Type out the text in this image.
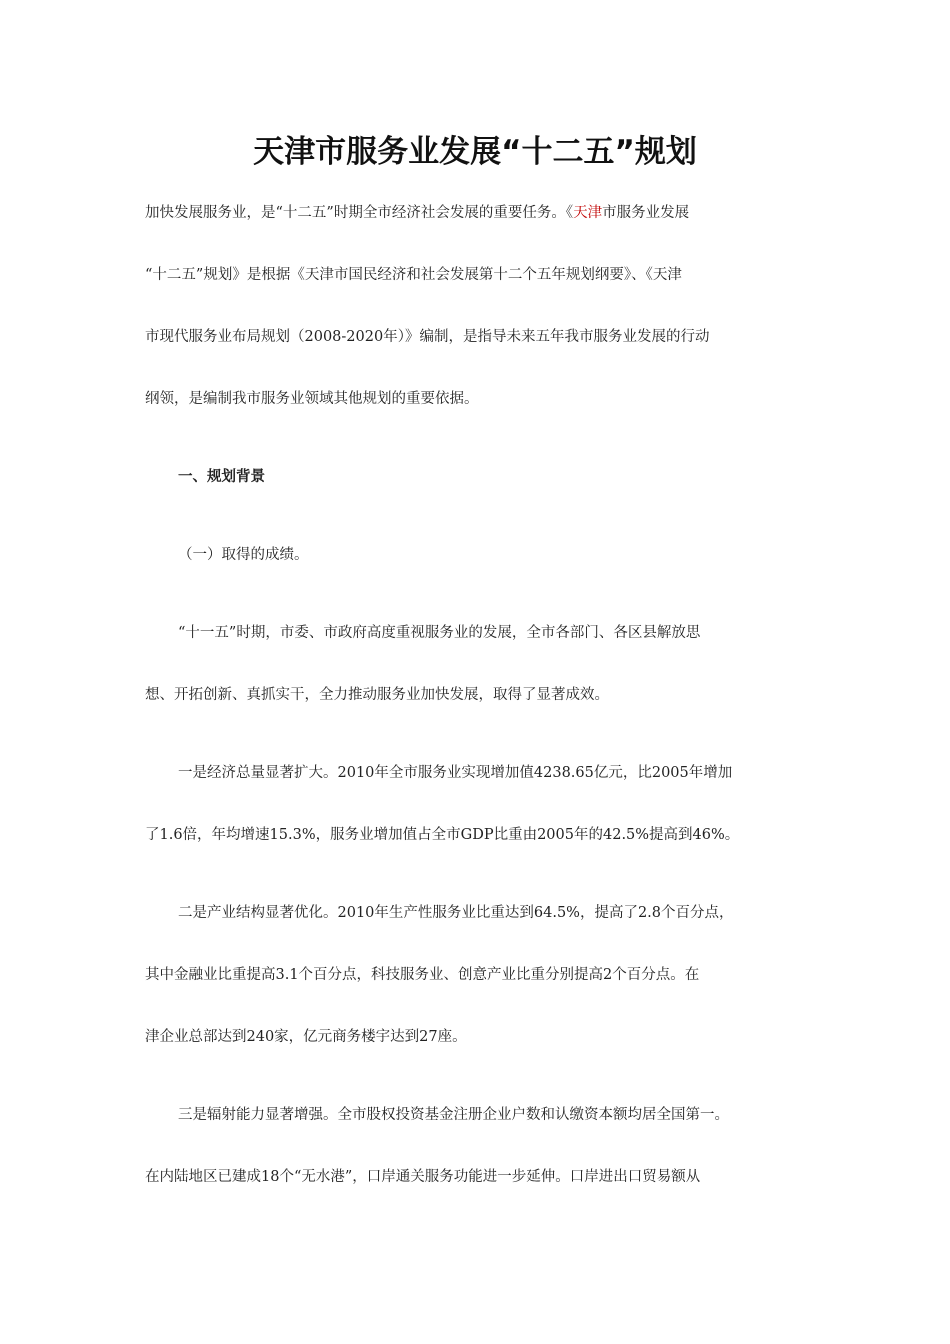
天津市服务业发展“十二五”规划
加快发展服务业，是“十二五”时期全市经济社会发展的重要任务。《天津市服务业发展
“十二五”规划》是根据《天津市国民经济和社会发展第十二个五年规划纲要》、《天津
市现代服务业布局规划（2008-2020年）》编制，是指导未来五年我市服务业发展的行动
纲领，是编制我市服务业领域其他规划的重要依据。
一、规划背景
（一）取得的成绩。
“十一五”时期，市委、市政府高度重视服务业的发展，全市各部门、各区县解放思
想、开拓创新、真抓实干，全力推动服务业加快发展，取得了显著成效。
一是经济总量显著扩大。2010年全市服务业实现增加值4238.65亿元，比2005年增加
了1.6倍，年均增速15.3%，服务业增加值占全市GDP比重由2005年的42.5%提高到46%。
二是产业结构显著优化。2010年生产性服务业比重达到64.5%，提高了2.8个百分点，
其中金融业比重提高3.1个百分点，科技服务业、创意产业比重分别提高2个百分点。在
津企业总部达到240家，亿元商务楼宇达到27座。
三是辐射能力显著增强。全市股权投资基金注册企业户数和认缴资本额均居全国第一。
在内陆地区已建成18个“无水港”，口岸通关服务功能进一步延伸。口岸进出口贸易额从
